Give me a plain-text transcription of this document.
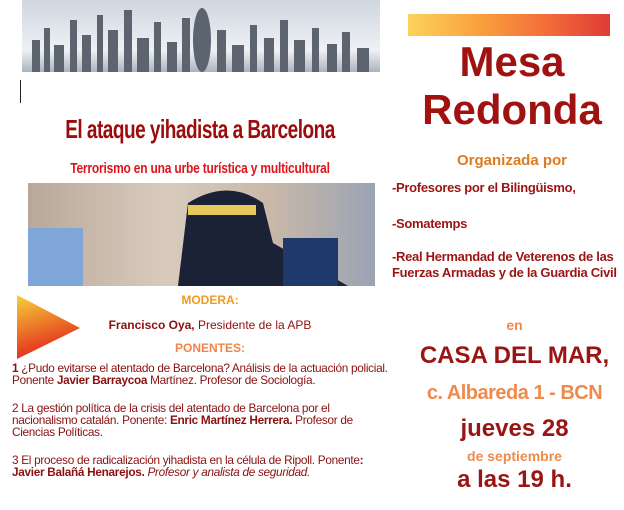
El ataque yihadista a Barcelona
Terrorismo en una urbe turística y multicultural
MODERA:
Francisco Oya, Presidente de la APB
PONENTES:
1 ¿Pudo evitarse el atentado de Barcelona? Análisis de la actuación policial. Ponente Javier Barraycoa Martínez. Profesor de Sociología.
2 La gestión política de la crisis del atentado de Barcelona por el nacionalismo catalán. Ponente: Enric Martínez Herrera. Profesor de Ciencias Políticas.
3 El proceso de radicalización yihadista en la célula de Ripoll. Ponente: Javier Balañá Henarejos. Profesor y analista de seguridad.
Mesa
Redonda
Organizada por
-Profesores por el Bilingüismo,
-Somatemps
-Real Hermandad de Veterenos de las Fuerzas Armadas y de la Guardia Civil
en
CASA DEL MAR,
c. Albareda 1 - BCN
jueves 28
de septiembre
a las 19 h.
